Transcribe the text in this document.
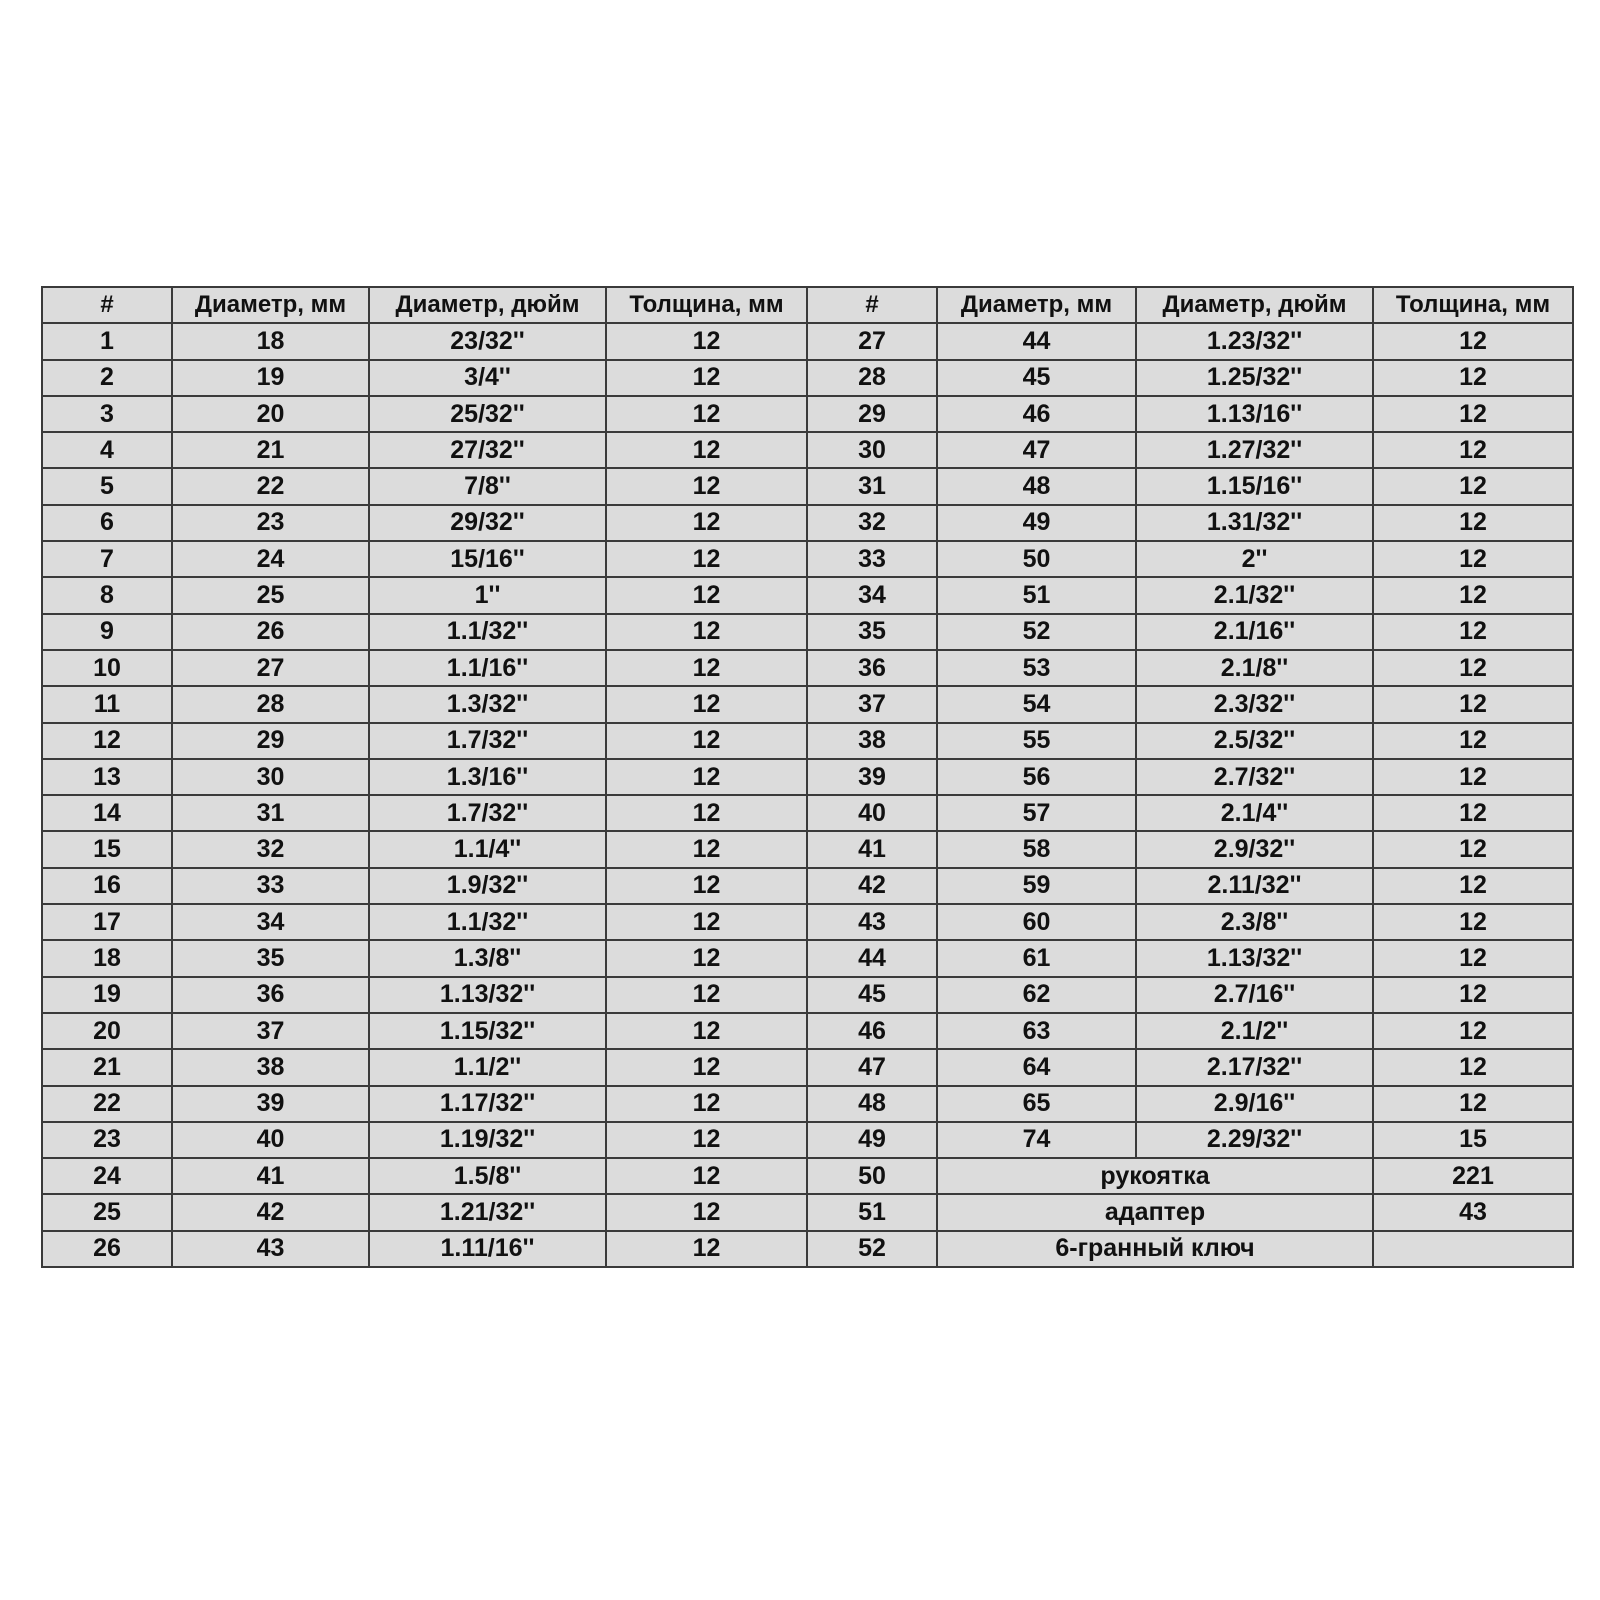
#	Диаметр, мм	Диаметр, дюйм	Толщина, мм	#	Диаметр, мм	Диаметр, дюйм	Толщина, мм
1	18	23/32''	12	27	44	1.23/32''	12
2	19	3/4''	12	28	45	1.25/32''	12
3	20	25/32''	12	29	46	1.13/16''	12
4	21	27/32''	12	30	47	1.27/32''	12
5	22	7/8''	12	31	48	1.15/16''	12
6	23	29/32''	12	32	49	1.31/32''	12
7	24	15/16''	12	33	50	2''	12
8	25	1''	12	34	51	2.1/32''	12
9	26	1.1/32''	12	35	52	2.1/16''	12
10	27	1.1/16''	12	36	53	2.1/8''	12
11	28	1.3/32''	12	37	54	2.3/32''	12
12	29	1.7/32''	12	38	55	2.5/32''	12
13	30	1.3/16''	12	39	56	2.7/32''	12
14	31	1.7/32''	12	40	57	2.1/4''	12
15	32	1.1/4''	12	41	58	2.9/32''	12
16	33	1.9/32''	12	42	59	2.11/32''	12
17	34	1.1/32''	12	43	60	2.3/8''	12
18	35	1.3/8''	12	44	61	1.13/32''	12
19	36	1.13/32''	12	45	62	2.7/16''	12
20	37	1.15/32''	12	46	63	2.1/2''	12
21	38	1.1/2''	12	47	64	2.17/32''	12
22	39	1.17/32''	12	48	65	2.9/16''	12
23	40	1.19/32''	12	49	74	2.29/32''	15
24	41	1.5/8''	12	50	рукоятка		221
25	42	1.21/32''	12	51	адаптер		43
26	43	1.11/16''	12	52	6-гранный ключ		
